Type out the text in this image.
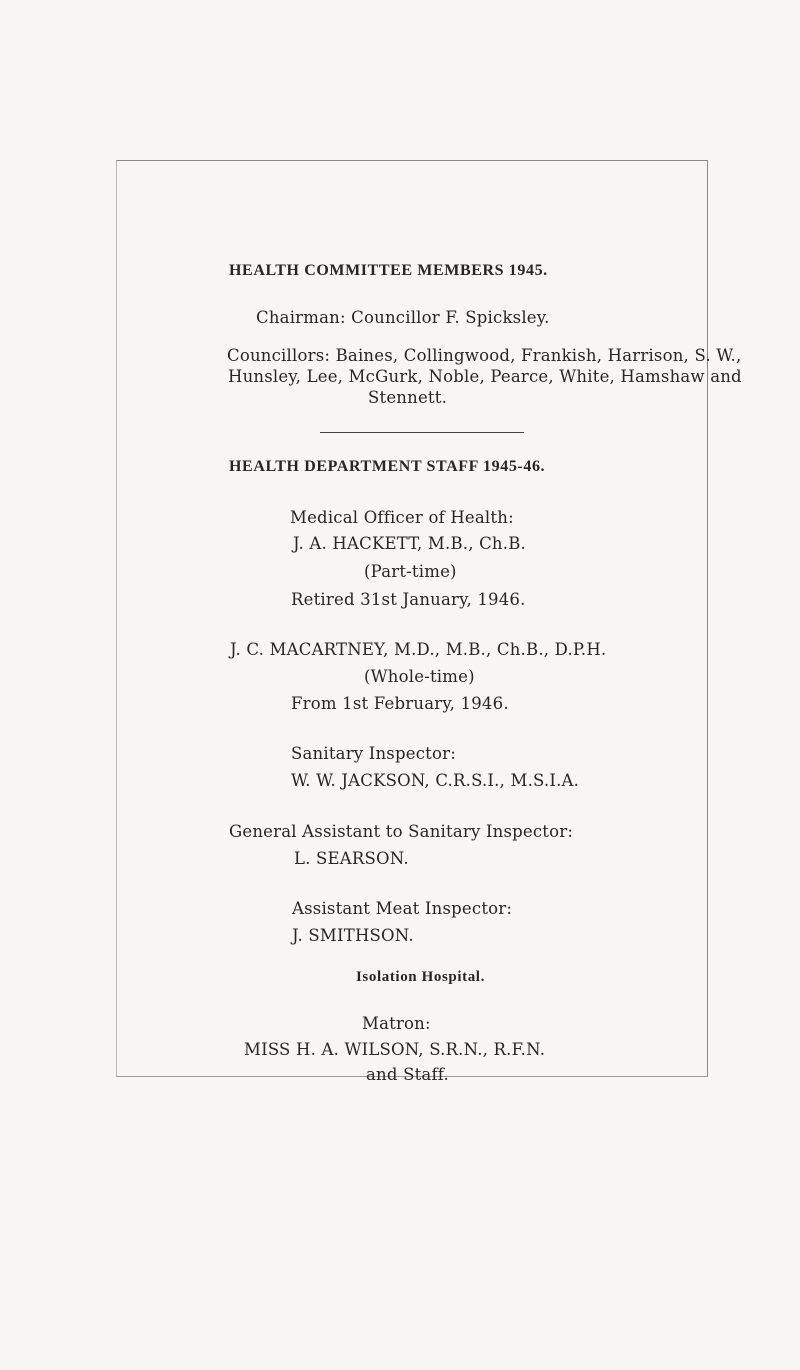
HEALTH COMMITTEE MEMBERS 1945.
Chairman: Councillor F. Spicksley.
Councillors: Baines, Collingwood, Frankish, Harrison, S. W.,
Hunsley, Lee, McGurk, Noble, Pearce, White, Hamshaw and
Stennett.
HEALTH DEPARTMENT STAFF 1945-46.
Medical Officer of Health:
J. A. HACKETT, M.B., Ch.B.
(Part-time)
Retired 31st January, 1946.
J. C. MACARTNEY, M.D., M.B., Ch.B., D.P.H.
(Whole-time)
From 1st February, 1946.
Sanitary Inspector:
W. W. JACKSON, C.R.S.I., M.S.I.A.
General Assistant to Sanitary Inspector:
L. SEARSON.
Assistant Meat Inspector:
J. SMITHSON.
Isolation Hospital.
Matron:
MISS H. A. WILSON, S.R.N., R.F.N.
and Staff.
